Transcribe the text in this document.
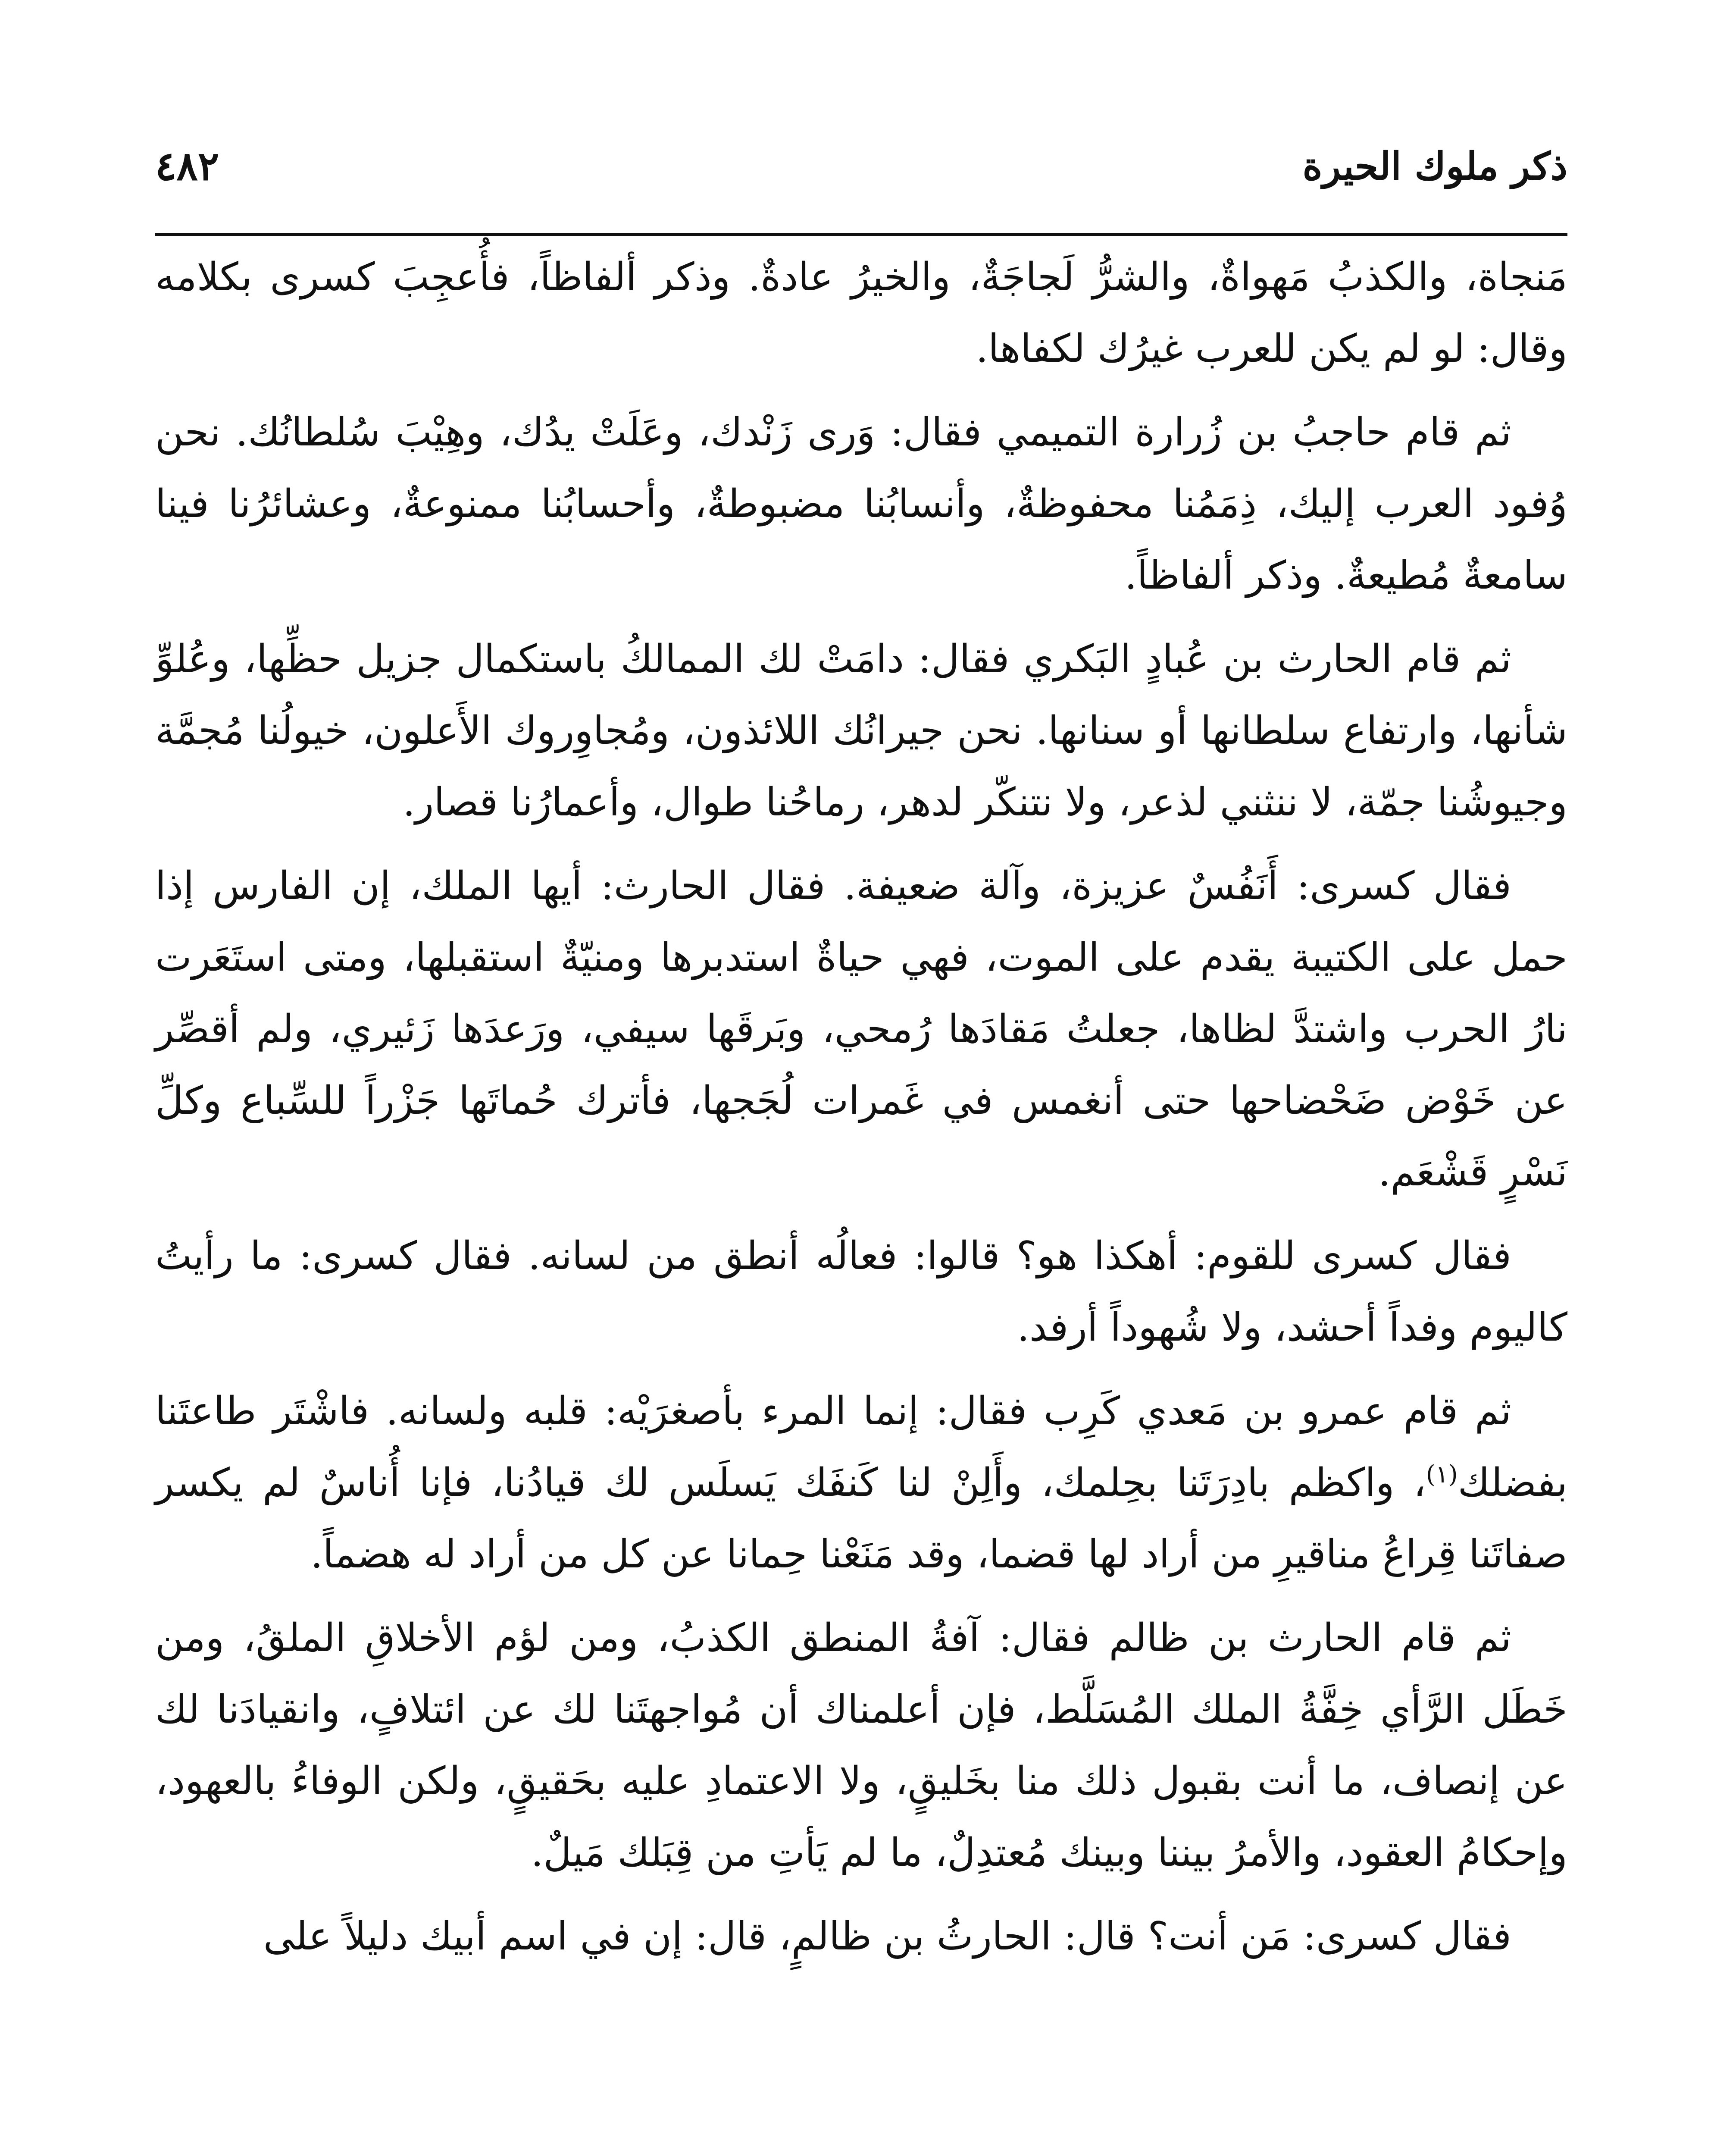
ذكر ملوك الحيرة
٤٨٢

مَنجاة، والكذبُ مَهواةٌ، والشرُّ لَجاجَةٌ، والخيرُ عادةٌ. وذكر ألفاظاً، فأُعجِبَ كسرى بكلامه وقال: لو لم يكن للعرب غيرُك لكفاها.

ثم قام حاجبُ بن زُرارة التميمي فقال: وَرى زَنْدك، وعَلَتْ يدُك، وهِيْبَ سُلطانُك. نحن وُفود العرب إليك، ذِمَمُنا محفوظةٌ، وأنسابُنا مضبوطةٌ، وأحسابُنا ممنوعةٌ، وعشائرُنا فينا سامعةٌ مُطيعةٌ. وذكر ألفاظاً.

ثم قام الحارث بن عُبادٍ البَكري فقال: دامَتْ لك الممالكُ باستكمال جزيل حظِّها، وعُلوِّ شأنها، وارتفاع سلطانها أو سنانها. نحن جيرانُك اللائذون، ومُجاوِروك الأَعلون، خيولُنا مُجمَّة وجيوشُنا جمّة، لا ننثني لذعر، ولا نتنكّر لدهر، رماحُنا طوال، وأعمارُنا قصار.

فقال كسرى: أَنَفُسٌ عزيزة، وآلة ضعيفة. فقال الحارث: أيها الملك، إن الفارس إذا حمل على الكتيبة يقدم على الموت، فهي حياةٌ استدبرها ومنيّةٌ استقبلها، ومتى استَعَرت نارُ الحرب واشتدَّ لظاها، جعلتُ مَقادَها رُمحي، وبَرقَها سيفي، ورَعدَها زَئيري، ولم أقصِّر عن خَوْض ضَحْضاحها حتى أنغمس في غَمرات لُجَجها، فأترك حُماتَها جَزْراً للسِّباع وكلِّ نَسْرٍ قَشْعَم.

فقال كسرى للقوم: أهكذا هو؟ قالوا: فعالُه أنطق من لسانه. فقال كسرى: ما رأيتُ كاليوم وفداً أحشد، ولا شُهوداً أرفد.

ثم قام عمرو بن مَعدي كَرِب فقال: إنما المرء بأصغرَيْه: قلبه ولسانه. فاشْتَر طاعتَنا بفضلك$^{(١)}$، واكظم بادِرَتَنا بحِلمك، وأَلِنْ لنا كَنفَك يَسلَس لك قيادُنا، فإنا أُناسٌ لم يكسر صفاتَنا قِراعُ مناقيرِ من أراد لها قضما، وقد مَنَعْنا حِمانا عن كل من أراد له هضماً.

ثم قام الحارث بن ظالم فقال: آفةُ المنطق الكذبُ، ومن لؤم الأخلاقِ الملقُ، ومن خَطَل الرَّأي خِفَّةُ الملك المُسَلَّط، فإن أعلمناك أن مُواجهتَنا لك عن ائتلافٍ، وانقيادَنا لك عن إنصاف، ما أنت بقبول ذلك منا بخَليقٍ، ولا الاعتمادِ عليه بحَقيقٍ، ولكن الوفاءُ بالعهود، وإحكامُ العقود، والأمرُ بيننا وبينك مُعتدِلٌ، ما لم يَأتِ من قِبَلك مَيلٌ.

فقال كسرى: مَن أنت؟ قال: الحارثُ بن ظالمٍ، قال: إن في اسم أبيك دليلاً على
